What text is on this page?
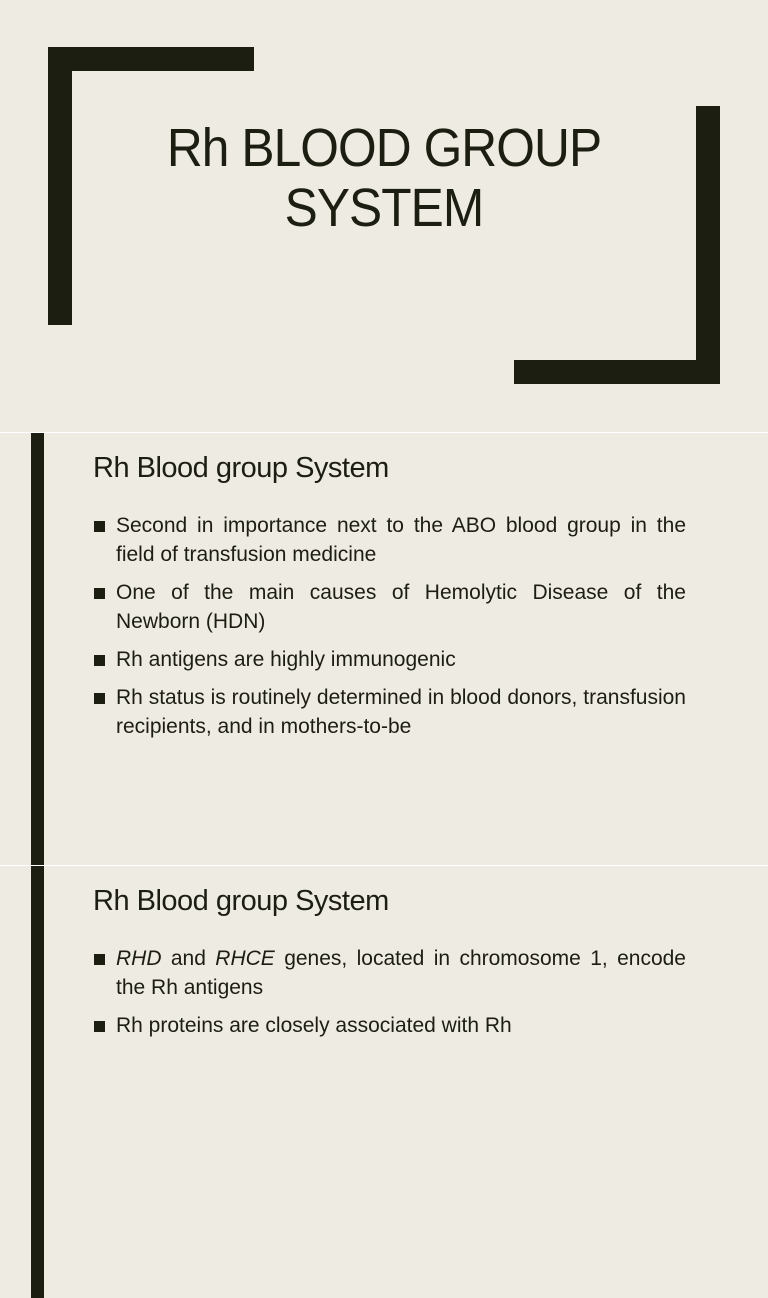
Rh BLOOD GROUP
SYSTEM
Rh Blood group System
Second in importance next to the ABO blood group in the field of transfusion medicine
One of the main causes of Hemolytic Disease of the Newborn (HDN)
Rh antigens are highly immunogenic
Rh status is routinely determined in blood donors, transfusion recipients, and in mothers-to-be
Rh Blood group System
RHD and RHCE genes, located in chromosome 1, encode the Rh antigens
Rh proteins are closely associated with Rh
